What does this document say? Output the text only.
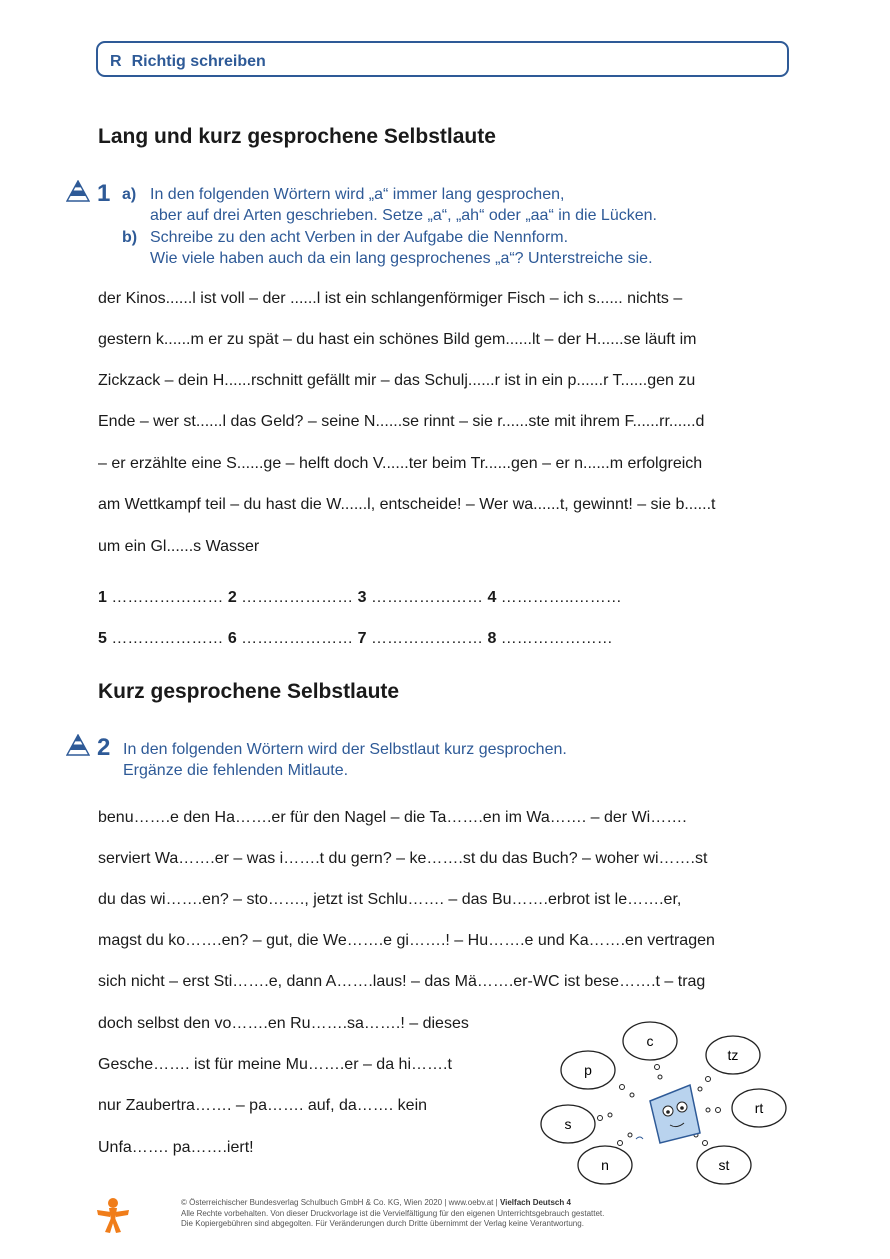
R Richtig schreiben
Lang und kurz gesprochene Selbstlaute
1 a) In den folgenden Wörtern wird „a“ immer lang gesprochen,
aber auf drei Arten geschrieben. Setze „a“, „ah“ oder „aa“ in die Lücken.
b) Schreibe zu den acht Verben in der Aufgabe die Nennform.
Wie viele haben auch da ein lang gesprochenes „a“? Unterstreiche sie.
der Kinos......l ist voll – der ......l ist ein schlangenförmiger Fisch – ich s...... nichts –
gestern k......m er zu spät – du hast ein schönes Bild gem......lt – der H......se läuft im
Zickzack – dein H......rschnitt gefällt mir – das Schulj......r ist in ein p......r T......gen zu
Ende – wer st......l das Geld? – seine N......se rinnt – sie r......ste mit ihrem F......rr......d
– er erzählte eine S......ge – helft doch V......ter beim Tr......gen – er n......m erfolgreich
am Wettkampf teil – du hast die W......l, entscheide! – Wer wa......t, gewinnt! – sie b......t
um ein Gl......s Wasser
1 ………………… 2 ………………… 3 ………………… 4 …………..………
5 ………………… 6 ………………… 7 ………………… 8 …………………
Kurz gesprochene Selbstlaute
2 In den folgenden Wörtern wird der Selbstlaut kurz gesprochen.
Ergänze die fehlenden Mitlaute.
benu…….e den Ha…….er für den Nagel – die Ta…….en im Wa……. – der Wi…….
serviert Wa…….er – was i…….t du gern? – ke…….st du das Buch? – woher wi…….st
du das wi…….en? – sto……., jetzt ist Schlu……. – das Bu…….erbrot ist le…….er,
magst du ko…….en? – gut, die We…….e gi…….! – Hu…….e und Ka…….en vertragen
sich nicht – erst Sti…….e, dann A…….laus! – das Mä…….er-WC ist bese…….t – trag
doch selbst den vo…….en Ru…….sa…….! – dieses
Gesche……. ist für meine Mu…….er – da hi…….t
nur Zaubertra……. – pa……. auf, da……. kein
Unfa……. pa…….iert!
c
tz
p
rt
s
n	st
© Österreichischer Bundesverlag Schulbuch GmbH & Co. KG, Wien 2020 | www.oebv.at | Vielfach Deutsch 4
Alle Rechte vorbehalten. Von dieser Druckvorlage ist die Vervielfältigung für den eigenen Unterrichtsgebrauch gestattet.
Die Kopiergebühren sind abgegolten. Für Veränderungen durch Dritte übernimmt der Verlag keine Verantwortung.
